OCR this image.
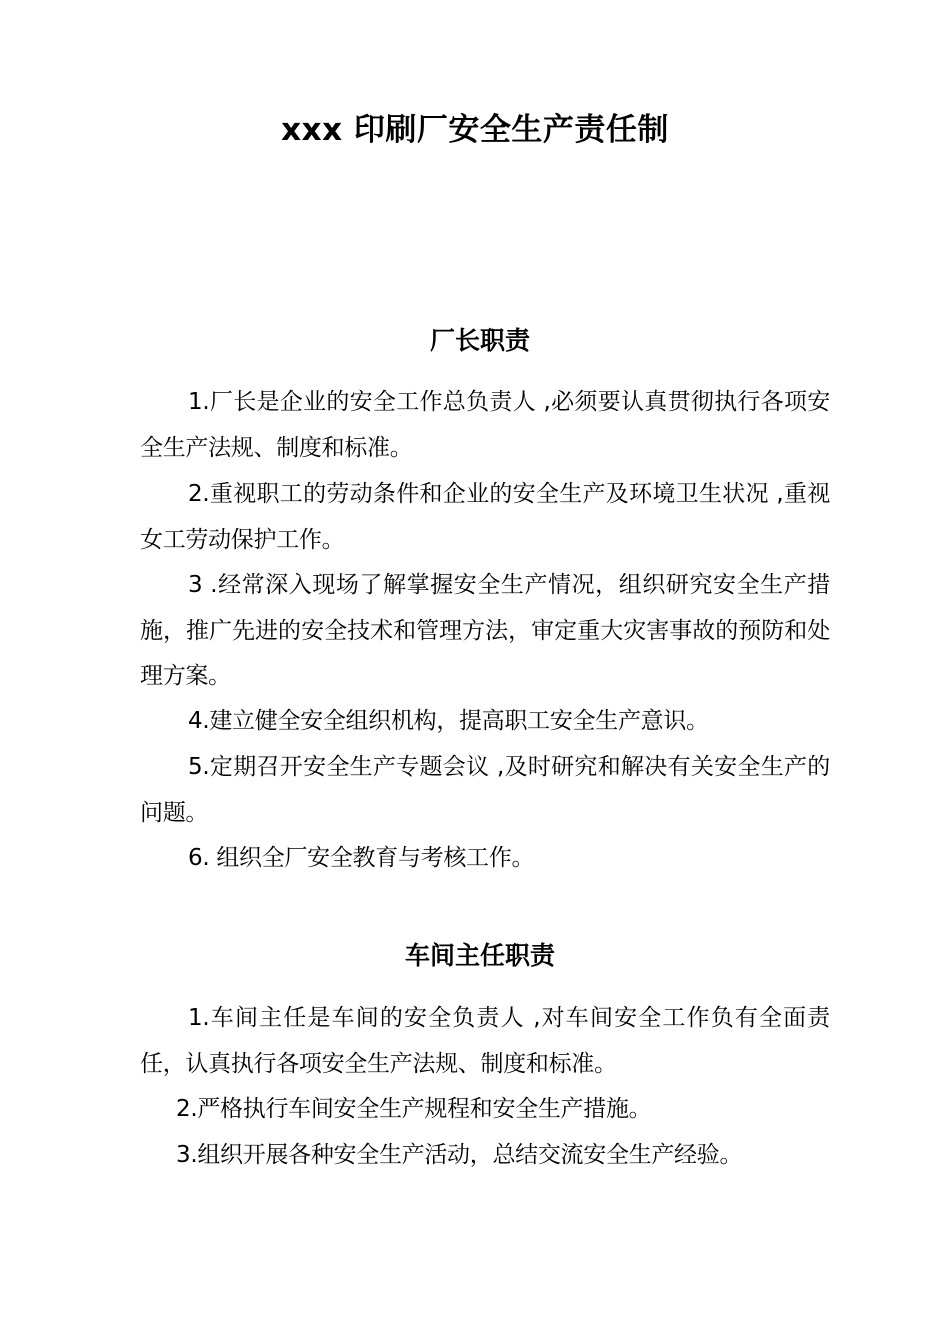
xxx 印刷厂安全生产责任制
厂长职责
1.厂长是企业的安全工作总负责人 ,必须要认真贯彻执行各项安全生产法规、制度和标准。
2.重视职工的劳动条件和企业的安全生产及环境卫生状况 ,重视女工劳动保护工作。
3 .经常深入现场了解掌握安全生产情况，组织研究安全生产措施，推广先进的安全技术和管理方法，审定重大灾害事故的预防和处理方案。
4.建立健全安全组织机构，提高职工安全生产意识。
5.定期召开安全生产专题会议 ,及时研究和解决有关安全生产的问题。
6. 组织全厂安全教育与考核工作。
车间主任职责
1.车间主任是车间的安全负责人 ,对车间安全工作负有全面责任，认真执行各项安全生产法规、制度和标准。
2.严格执行车间安全生产规程和安全生产措施。
3.组织开展各种安全生产活动，总结交流安全生产经验。
